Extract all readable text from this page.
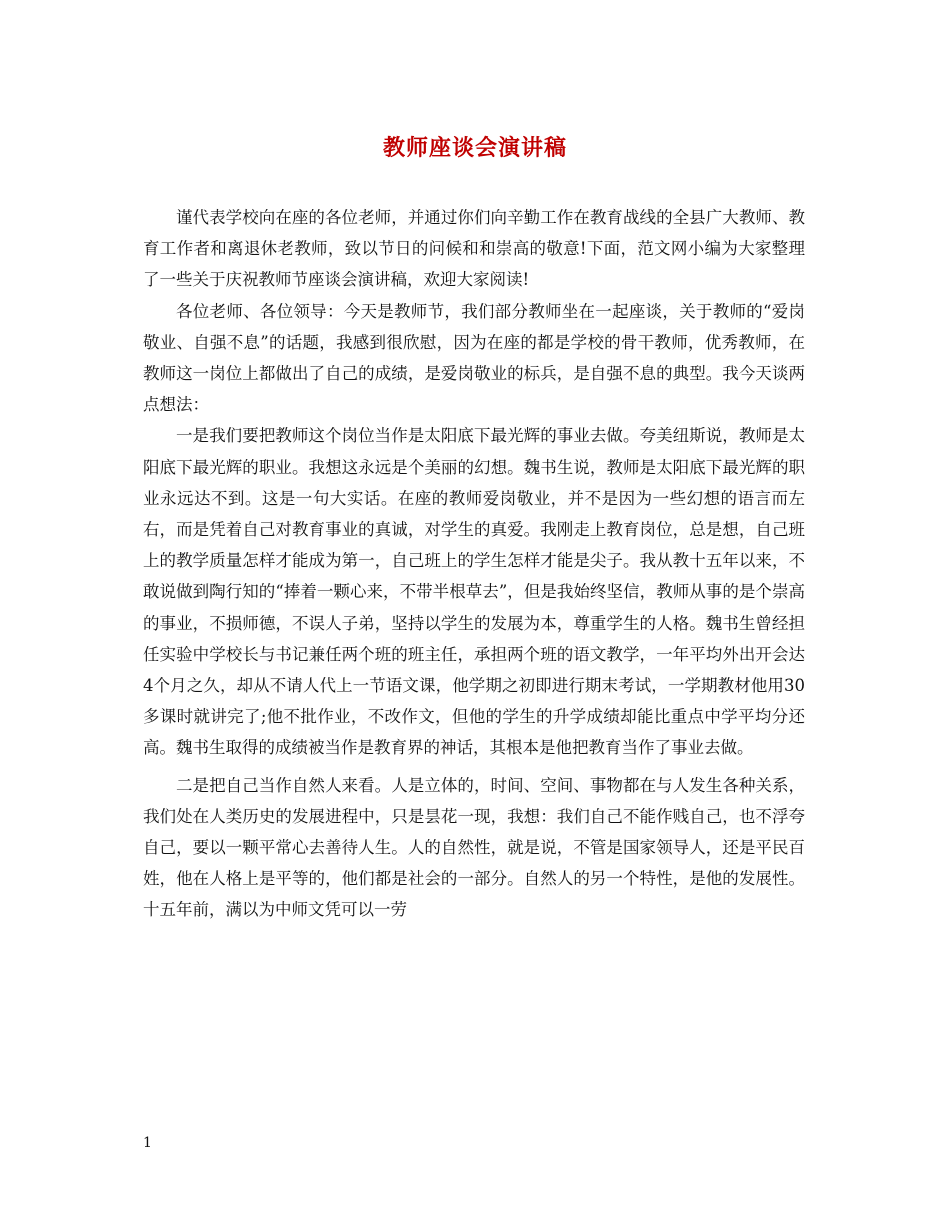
教师座谈会演讲稿

谨代表学校向在座的各位老师，并通过你们向辛勤工作在教育战线的全县广大教师、教育工作者和离退休老教师，致以节日的问候和和崇高的敬意!下面，范文网小编为大家整理了一些关于庆祝教师节座谈会演讲稿，欢迎大家阅读!

各位老师、各位领导：今天是教师节，我们部分教师坐在一起座谈，关于教师的“爱岗敬业、自强不息”的话题，我感到很欣慰，因为在座的都是学校的骨干教师，优秀教师，在教师这一岗位上都做出了自己的成绩，是爱岗敬业的标兵，是自强不息的典型。我今天谈两点想法：

一是我们要把教师这个岗位当作是太阳底下最光辉的事业去做。夸美纽斯说，教师是太阳底下最光辉的职业。我想这永远是个美丽的幻想。魏书生说，教师是太阳底下最光辉的职业永远达不到。这是一句大实话。在座的教师爱岗敬业，并不是因为一些幻想的语言而左右，而是凭着自己对教育事业的真诚，对学生的真爱。我刚走上教育岗位，总是想，自己班上的教学质量怎样才能成为第一，自己班上的学生怎样才能是尖子。我从教十五年以来，不敢说做到陶行知的“捧着一颗心来，不带半根草去”，但是我始终坚信，教师从事的是个崇高的事业，不损师德，不误人子弟，坚持以学生的发展为本，尊重学生的人格。魏书生曾经担任实验中学校长与书记兼任两个班的班主任，承担两个班的语文教学，一年平均外出开会达4个月之久，却从不请人代上一节语文课，他学期之初即进行期末考试，一学期教材他用30多课时就讲完了;他不批作业，不改作文，但他的学生的升学成绩却能比重点中学平均分还高。魏书生取得的成绩被当作是教育界的神话，其根本是他把教育当作了事业去做。

二是把自己当作自然人来看。人是立体的，时间、空间、事物都在与人发生各种关系，我们处在人类历史的发展进程中，只是昙花一现，我想：我们自己不能作贱自己，也不浮夸自己，要以一颗平常心去善待人生。人的自然性，就是说，不管是国家领导人，还是平民百姓，他在人格上是平等的，他们都是社会的一部分。自然人的另一个特性，是他的发展性。十五年前，满以为中师文凭可以一劳

1
